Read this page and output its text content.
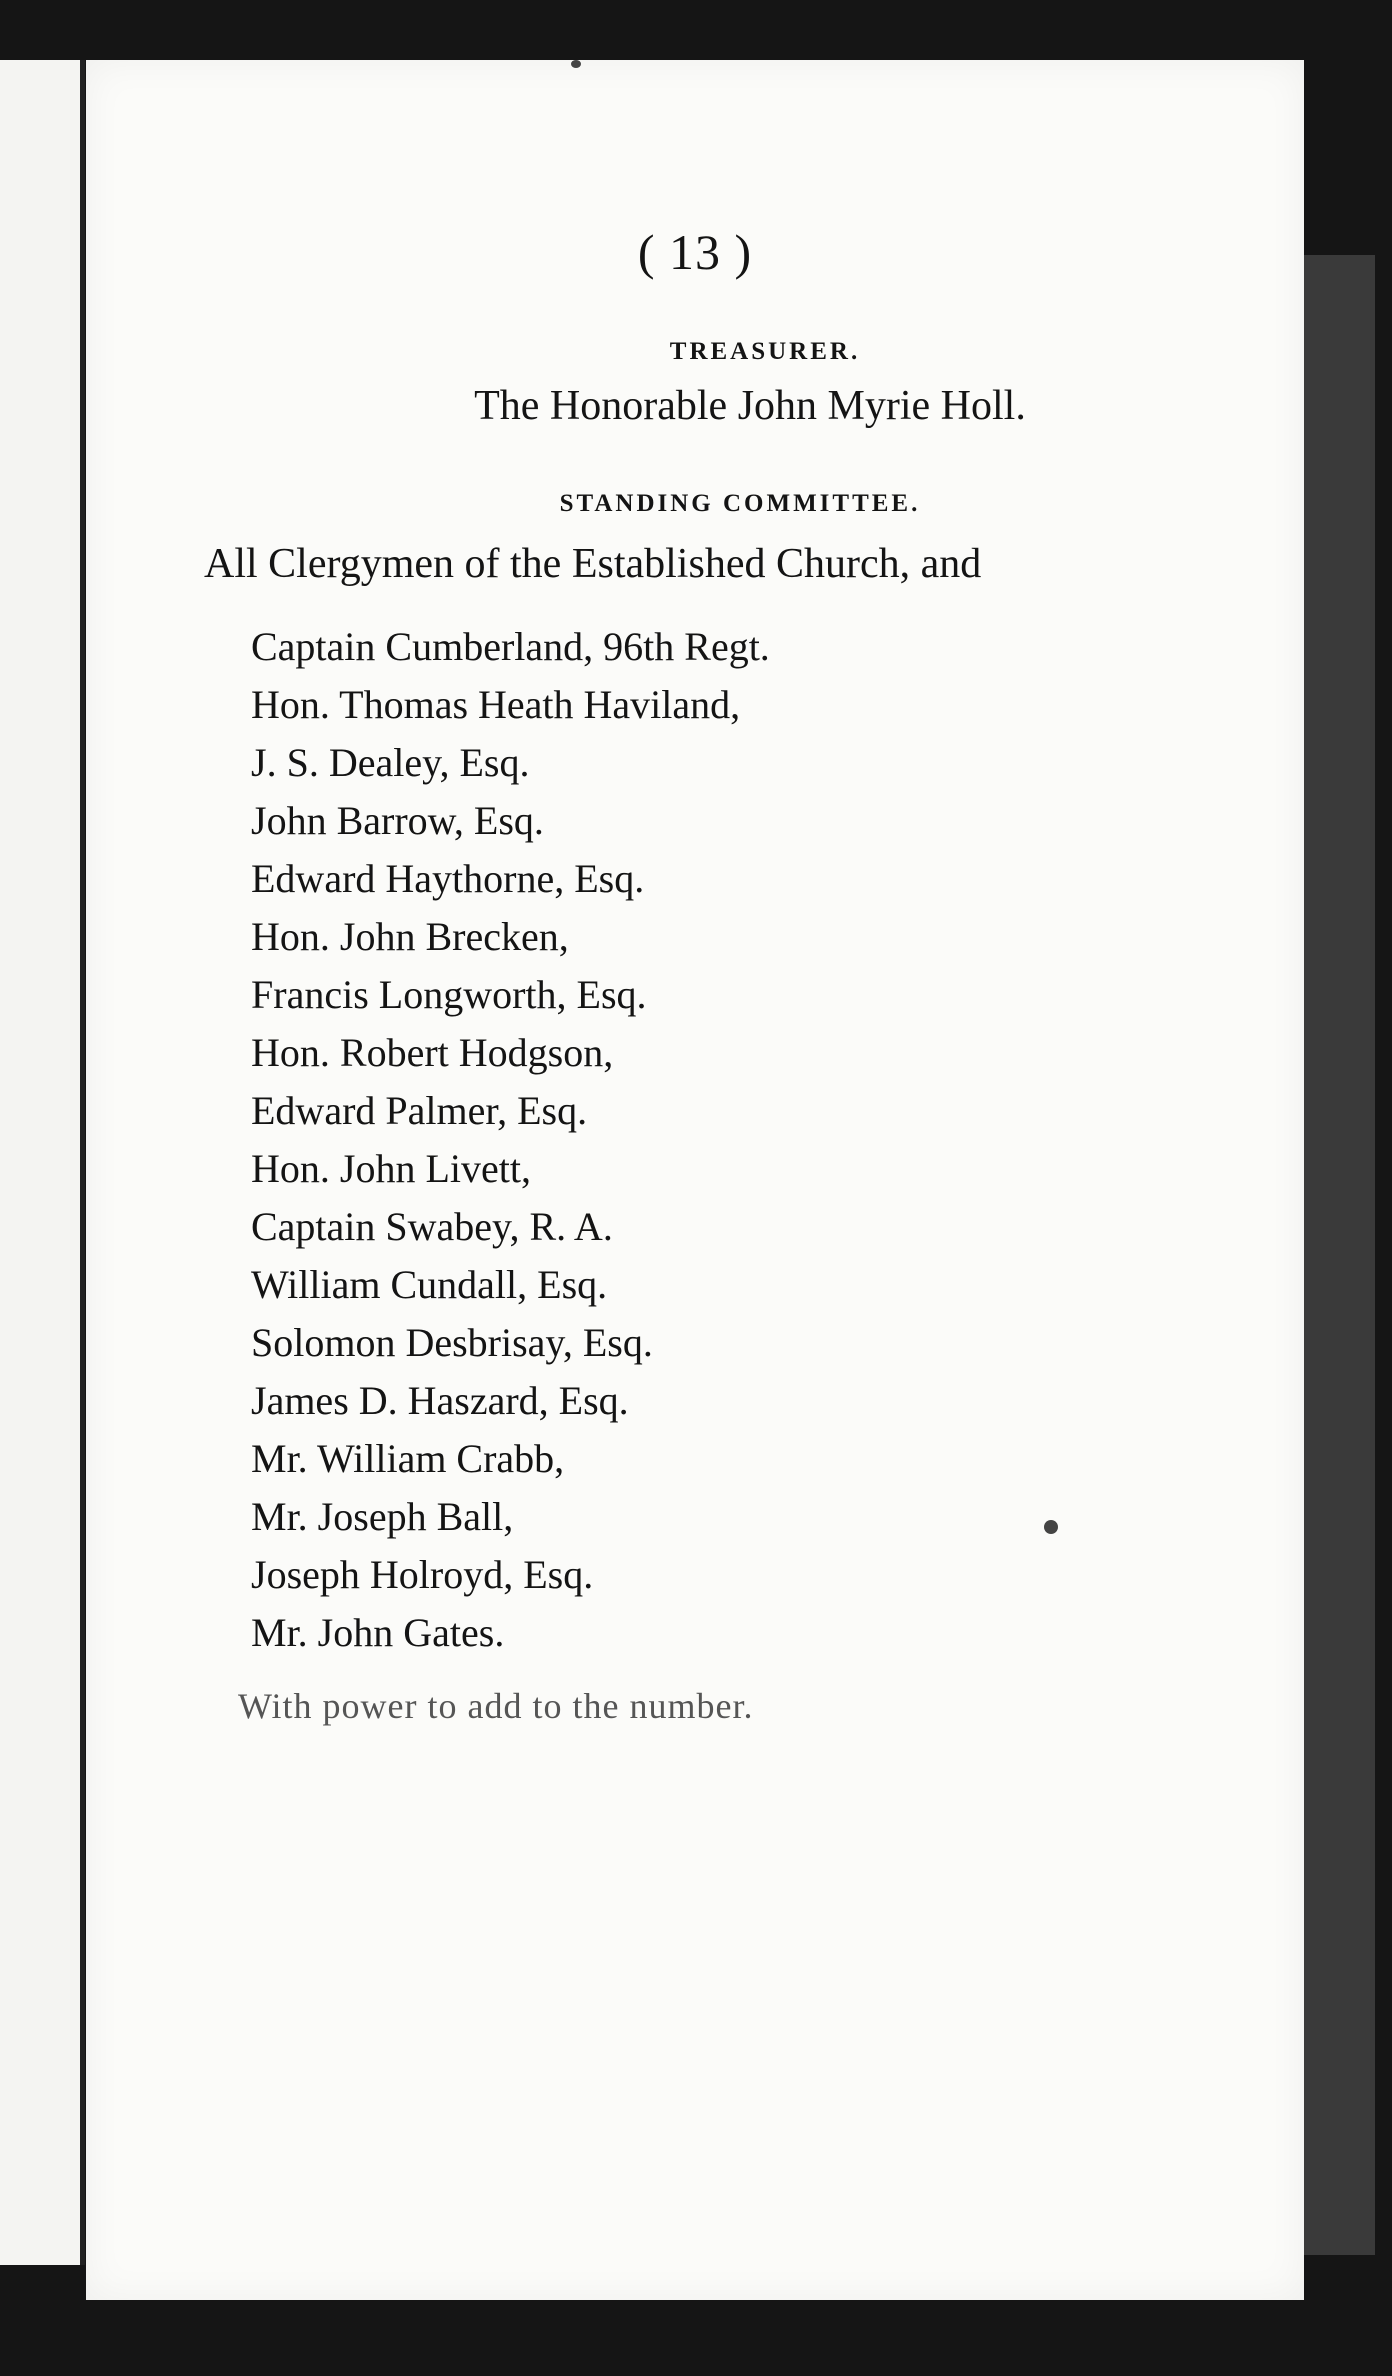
( 13 )
TREASURER.
The Honorable John Myrie Holl.
STANDING COMMITTEE.
All Clergymen of the Established Church, and
Captain Cumberland, 96th Regt.
Hon. Thomas Heath Haviland,
J. S. Dealey, Esq.
John Barrow, Esq.
Edward Haythorne, Esq.
Hon. John Brecken,
Francis Longworth, Esq.
Hon. Robert Hodgson,
Edward Palmer, Esq.
Hon. John Livett,
Captain Swabey, R. A.
William Cundall, Esq.
Solomon Desbrisay, Esq.
James D. Haszard, Esq.
Mr. William Crabb,
Mr. Joseph Ball,
Joseph Holroyd, Esq.
Mr. John Gates.
With power to add to the number.
